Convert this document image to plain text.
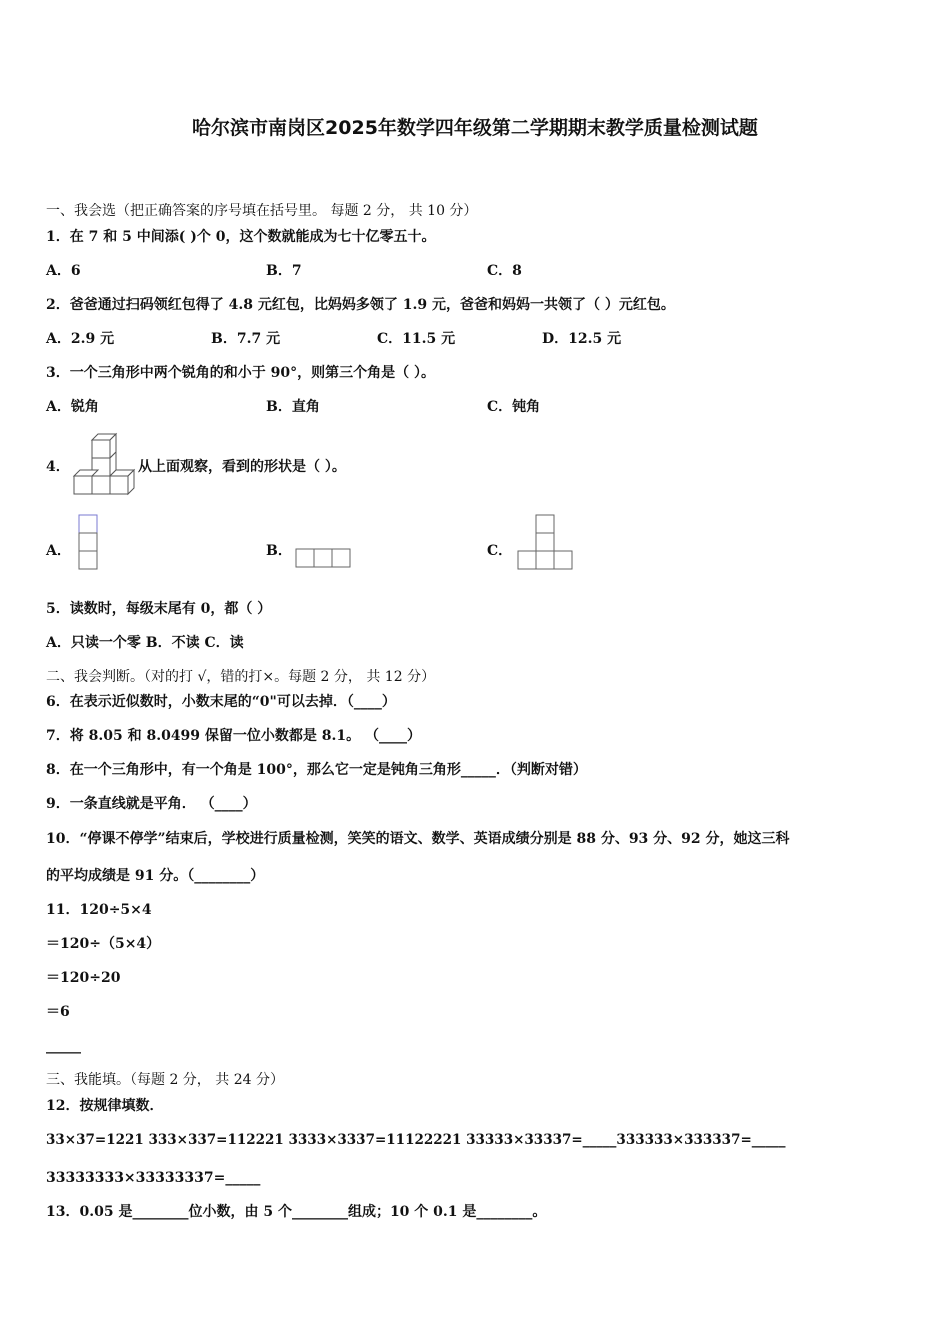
哈尔滨市南岗区2025年数学四年级第二学期期末教学质量检测试题
一、我会选（把正确答案的序号填在括号里。 每题 2 分， 共 10 分）
1．在 7 和 5 中间添( )个 0，这个数就能成为七十亿零五十。
A．6	B．7	C．8
2．爸爸通过扫码领红包得了 4.8 元红包，比妈妈多领了 1.9 元，爸爸和妈妈一共领了（ ）元红包。
A．2.9 元	B．7.7 元	C．11.5 元	D．12.5 元
3．一个三角形中两个锐角的和小于 90°，则第三个角是（ ）。
A．锐角	B．直角	C．钝角
4．	从上面观察，看到的形状是（ ）。
A．	B．	C．
5．读数时，每级末尾有 0，都（ ）
A．只读一个零 B．不读 C．读
二、我会判断。（对的打 √，错的打×。每题 2 分， 共 12 分）
6．在表示近似数时，小数末尾的“0"可以去掉．（____）
7．将 8.05 和 8.0499 保留一位小数都是 8.1。 （____）
8．在一个三角形中，有一个角是 100°，那么它一定是钝角三角形_____．（判断对错）
9．一条直线就是平角． （____）
10．“停课不停学”结束后，学校进行质量检测，笑笑的语文、数学、英语成绩分别是 88 分、93 分、92 分，她这三科
的平均成绩是 91 分。（________）
11．120÷5×4
＝120÷（5×4）
＝120÷20
＝6
_____
三、我能填。（每题 2 分， 共 24 分）
12．按规律填数．
33×37=1221 333×337=112221 3333×3337=11122221 33333×33337=_____333333×333337=_____
33333333×33333337=_____
13．0.05 是________位小数，由 5 个________组成；10 个 0.1 是________。
